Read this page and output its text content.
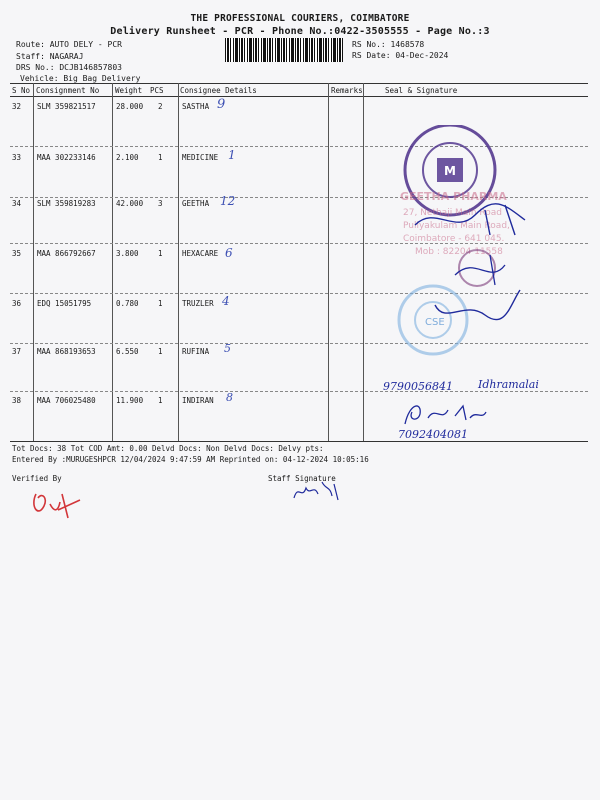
THE PROFESSIONAL COURIERS, COIMBATORE
Delivery Runsheet - PCR - Phone No.:0422-3505555 - Page No.:3
Route: AUTO DELY - PCR
Staff: NAGARAJ
DRS No.: DCJB146857803
Vehicle: Big Bag Delivery
RS No.: 1468578
RS Date: 04-Dec-2024
S No Consignment No Weight PCS Consignee Details	Remarks	Seal & Signature
32 SLM 359821517	28.000 2	SASTHA 9
33 MAA 302233146	2.100	1	MEDICINE 1
34 SLM 359819283	42.000 3	GEETHA 12
35 MAA 866792667	3.800	1	HEXACARE 6
36 EDQ 15051795	0.780	1	TRUZLER 4
37 MAA 868193653	6.550	1	RUFINA 5
38 MAA 706025480	11.900 1	INDIRAN 8
Tot Docs: 38 Tot COD Amt: 0.00 Delvd Docs: Non Delvd Docs: Delvy pts:
Entered By :MURUGESHPCR 12/04/2024 9:47:59 AM Reprinted on: 04-12-2024 10:05:16
Verified By	Staff Signature
M
GEETHA PHARMA
27, Nethaji Main Road
Puliyakulam Main Road,
Coimbatore - 641 045.
Mob : 82204 11558
CSE
9790056841 Idhramalai
7092404081
